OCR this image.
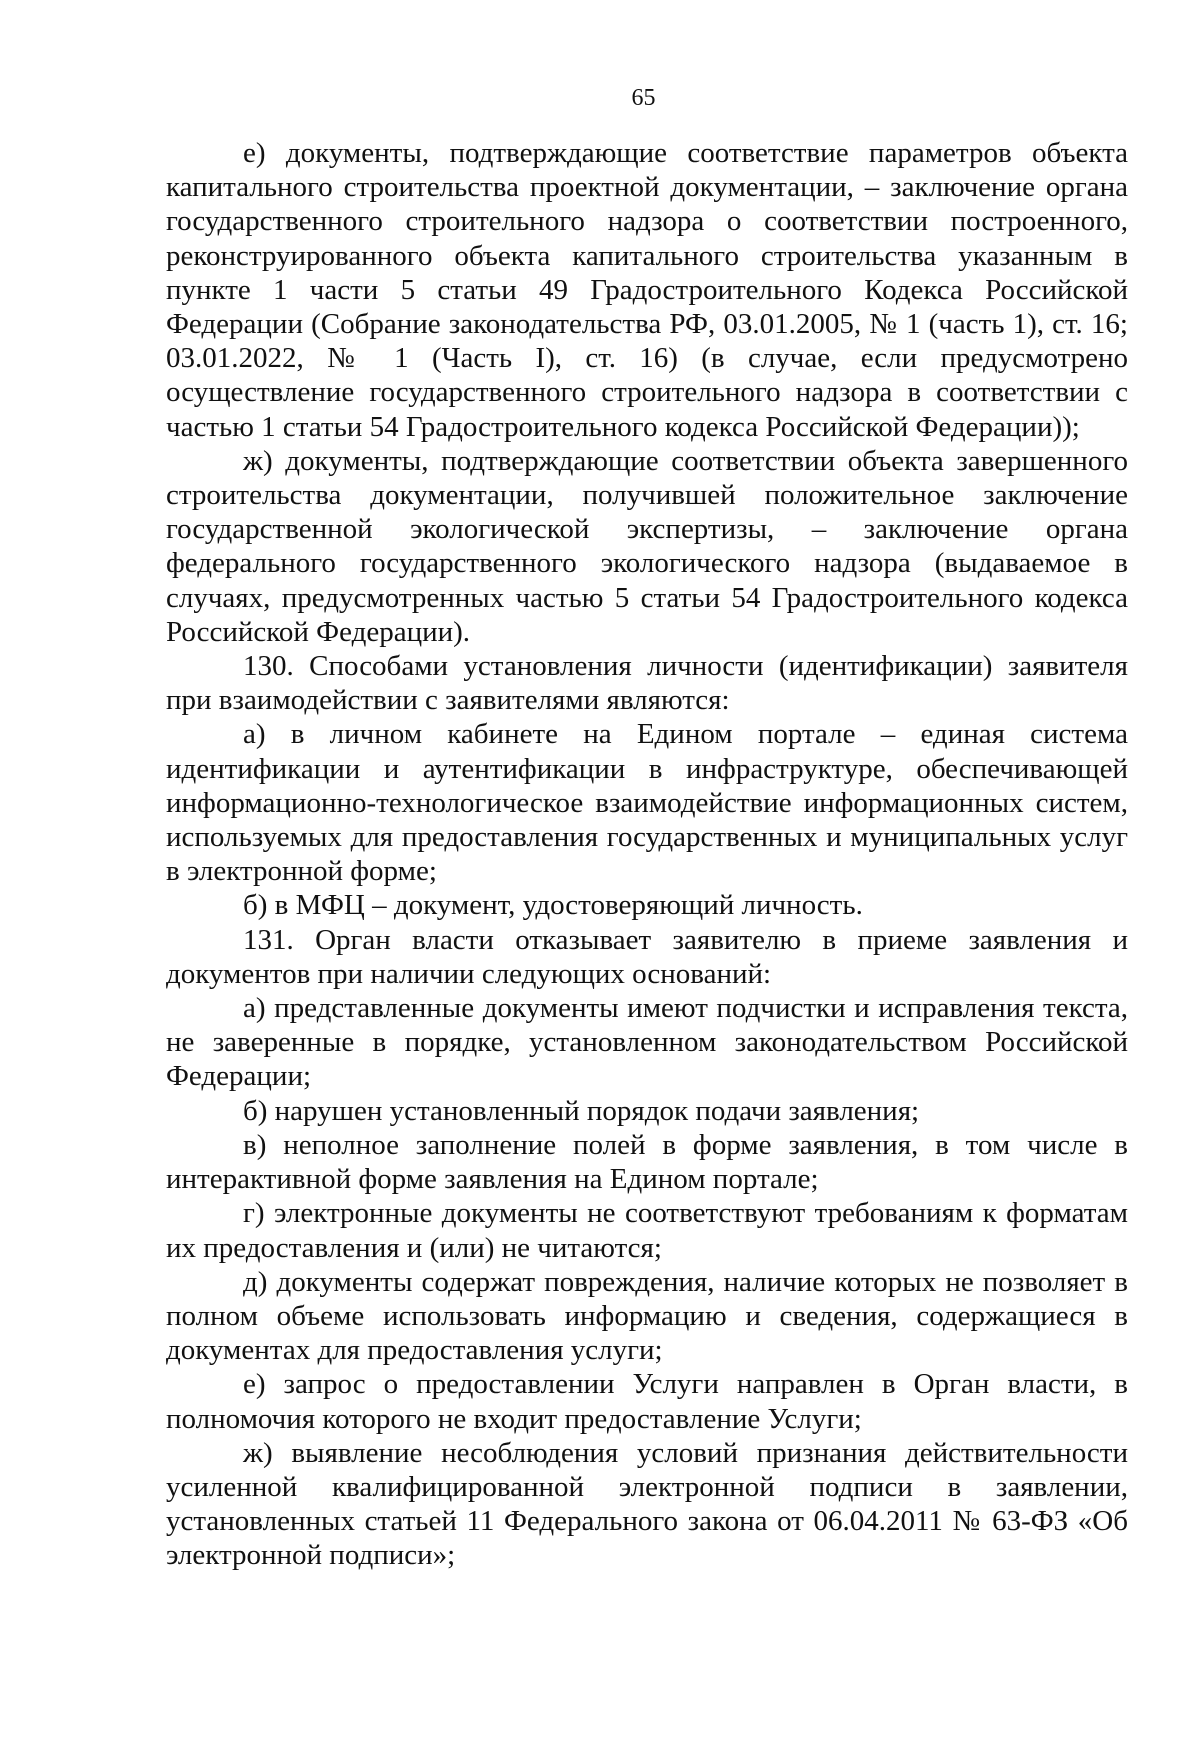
65

е) документы, подтверждающие соответствие параметров объекта капитального строительства проектной документации, – заключение органа государственного строительного надзора о соответствии построенного, реконструированного объекта капитального строительства указанным в пункте 1 части 5 статьи 49 Градостроительного Кодекса Российской Федерации (Собрание законодательства РФ, 03.01.2005, № 1 (часть 1), ст. 16; 03.01.2022, № 1 (Часть I), ст. 16) (в случае, если предусмотрено осуществление государственного строительного надзора в соответствии с частью 1 статьи 54 Градостроительного кодекса Российской Федерации));

ж) документы, подтверждающие соответствии объекта завершенного строительства документации, получившей положительное заключение государственной экологической экспертизы, – заключение органа федерального государственного экологического надзора (выдаваемое в случаях, предусмотренных частью 5 статьи 54 Градостроительного кодекса Российской Федерации).

130. Способами установления личности (идентификации) заявителя при взаимодействии с заявителями являются:

а) в личном кабинете на Едином портале – единая система идентификации и аутентификации в инфраструктуре, обеспечивающей информационно-технологическое взаимодействие информационных систем, используемых для предоставления государственных и муниципальных услуг в электронной форме;

б) в МФЦ – документ, удостоверяющий личность.

131. Орган власти отказывает заявителю в приеме заявления и документов при наличии следующих оснований:

а) представленные документы имеют подчистки и исправления текста, не заверенные в порядке, установленном законодательством Российской Федерации;

б) нарушен установленный порядок подачи заявления;

в) неполное заполнение полей в форме заявления, в том числе в интерактивной форме заявления на Едином портале;

г) электронные документы не соответствуют требованиям к форматам их предоставления и (или) не читаются;

д) документы содержат повреждения, наличие которых не позволяет в полном объеме использовать информацию и сведения, содержащиеся в документах для предоставления услуги;

е) запрос о предоставлении Услуги направлен в Орган власти, в полномочия которого не входит предоставление Услуги;

ж) выявление несоблюдения условий признания действительности усиленной квалифицированной электронной подписи в заявлении, установленных статьей 11 Федерального закона от 06.04.2011 № 63-ФЗ «Об электронной подписи»;
